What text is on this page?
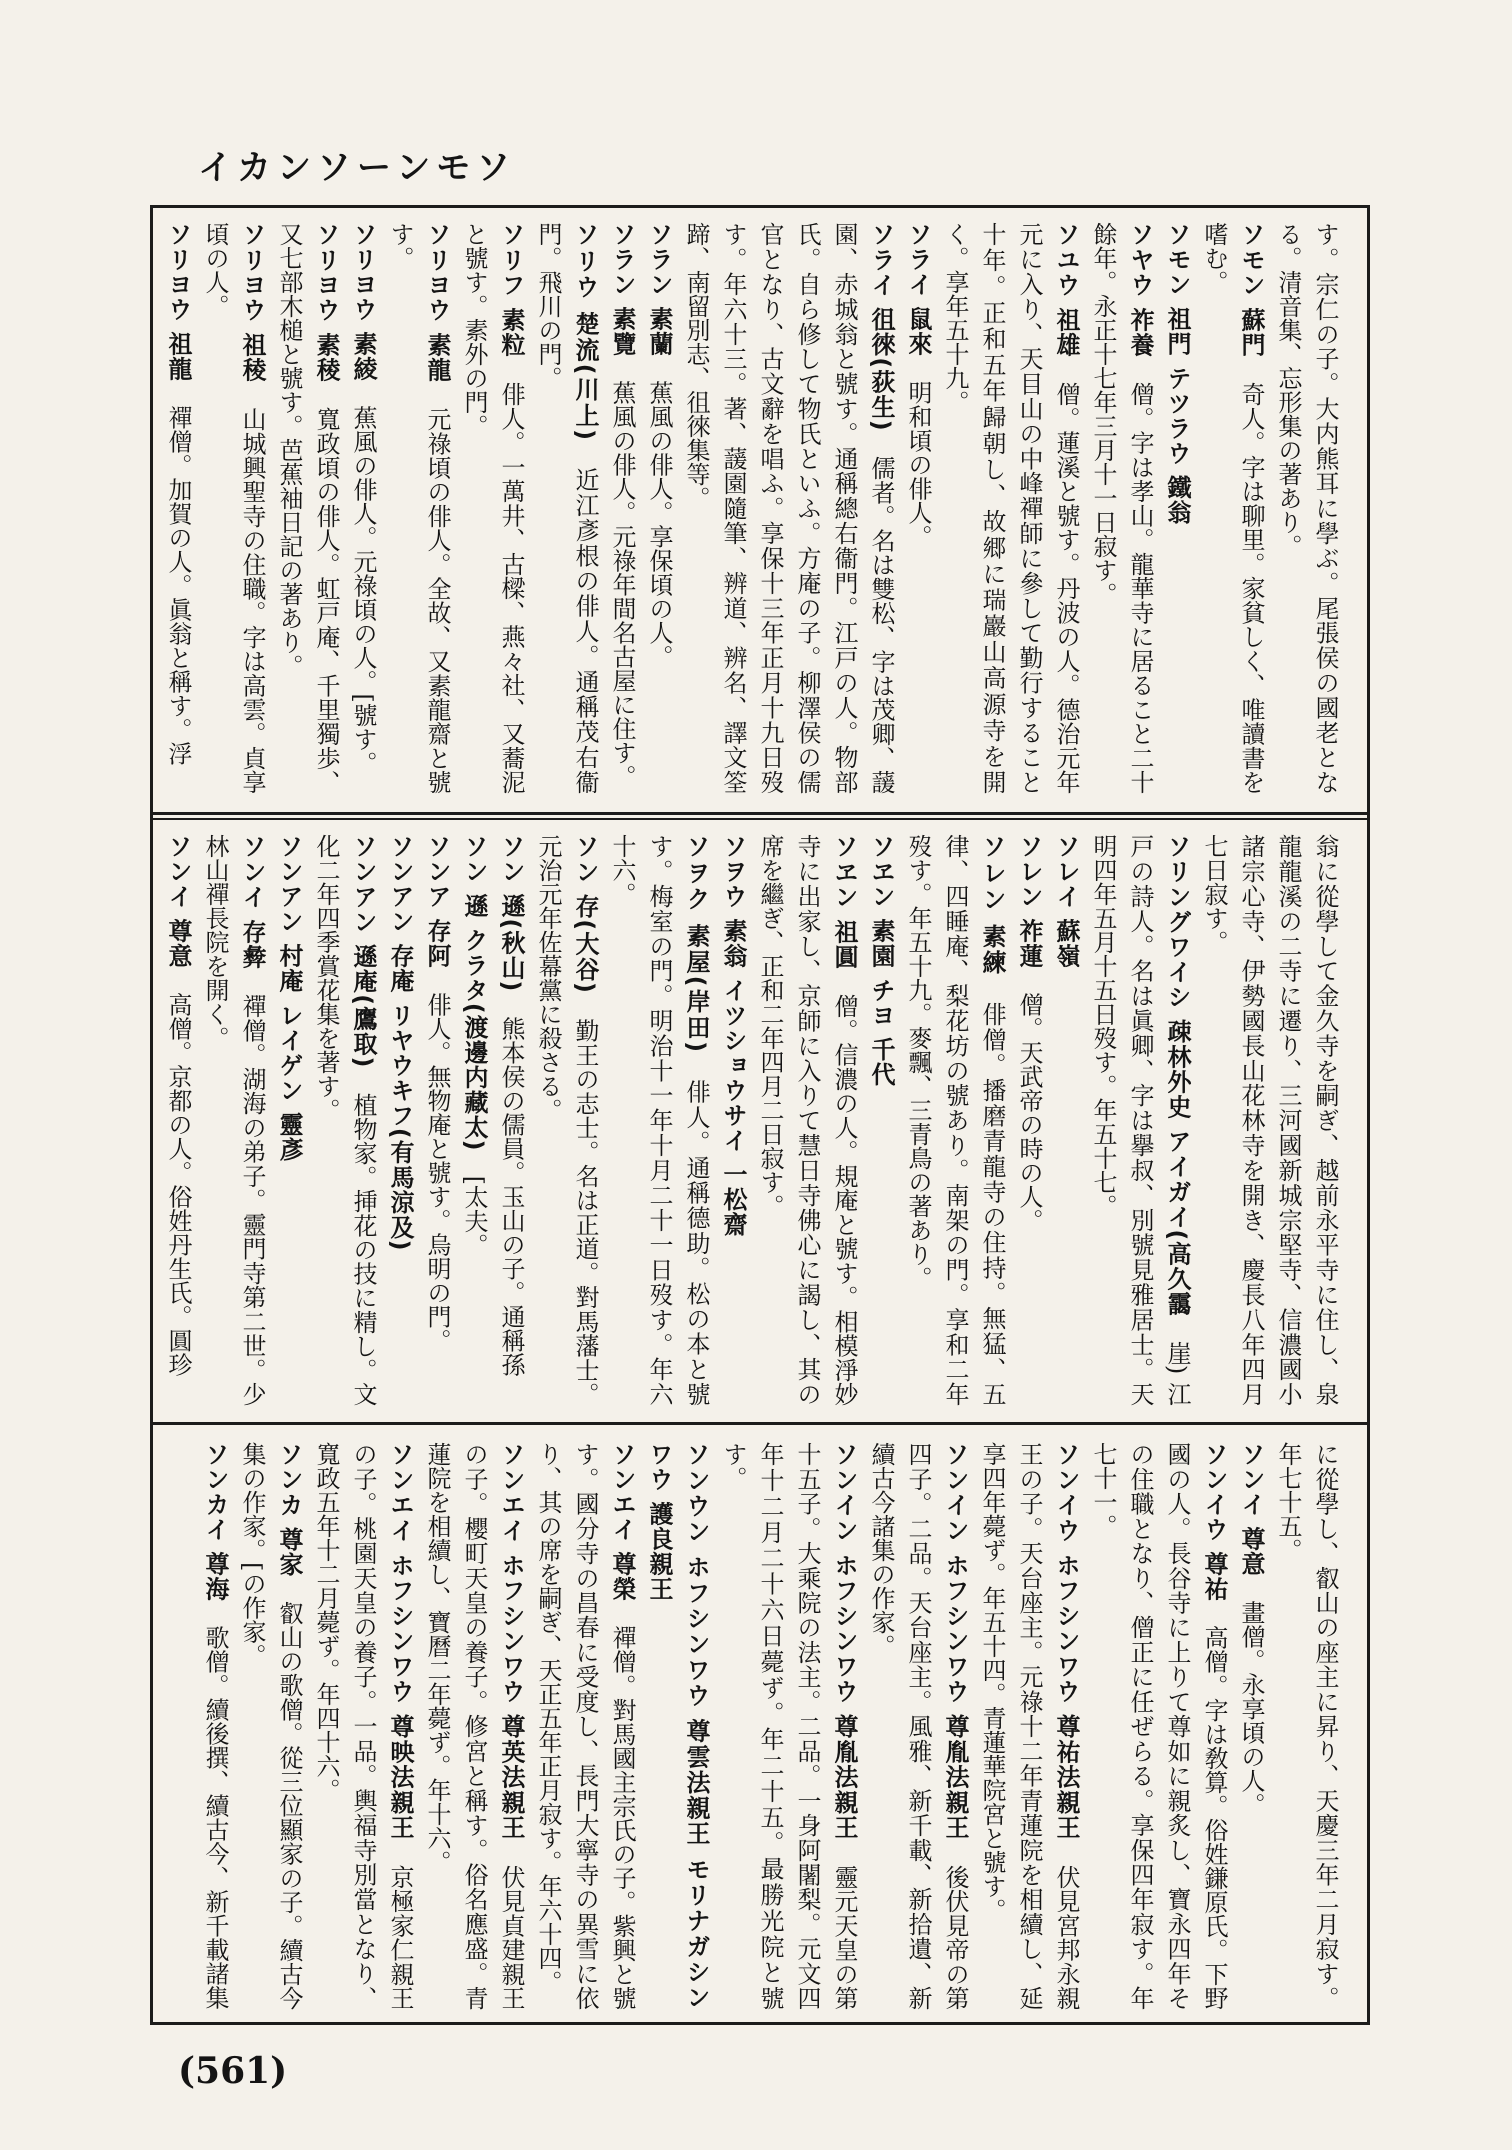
イカンソーンモソ
す。宗仁の子。大内熊耳に學ぶ。尾張侯の國老となる。清音集、忘形集の著あり。
ソモン 蘇門　奇人。字は聊里。家貧しく、唯讀書を嗜む。
ソモン 祖門 テツラウ 鐵翁
ソヤウ 祚養　僧。字は孝山。龍華寺に居ること二十餘年。永正十七年三月十一日寂す。
ソユウ 祖雄　僧。蓮溪と號す。丹波の人。德治元年元に入り、天目山の中峰禪師に參して勤行すること十年。正和五年歸朝し、故郷に瑞巖山高源寺を開く。享年五十九。
ソライ 鼠來　明和頃の俳人。
ソライ 徂徠(荻生)　儒者。名は雙松、字は茂卿、蘐園、赤城翁と號す。通稱總右衞門。江戸の人。物部氏。自ら修して物氏といふ。方庵の子。柳澤侯の儒官となり、古文辭を唱ふ。享保十三年正月十九日歿す。年六十三。著、蘐園隨筆、辨道、辨名、譯文筌蹄、南留別志、徂徠集等。
ソラン 素蘭　蕉風の俳人。享保頃の人。
ソラン 素覽　蕉風の俳人。元祿年間名古屋に住す。
ソリウ 楚流(川上)　近江彥根の俳人。通稱茂右衞門。飛川の門。
ソリフ 素粒　俳人。一萬井、古樑、燕々社、又蕎泥と號す。素外の門。
ソリヨウ 素龍　元祿頃の俳人。全故、又素龍齋と號す。
ソリヨウ 素綾　蕉風の俳人。元祿頃の人。[號す。
ソリヨウ 素稜　寬政頃の俳人。虹戸庵、千里獨歩、又七部木槌と號す。芭蕉袖日記の著あり。
ソリヨウ 祖稜　山城興聖寺の住職。字は高雲。貞享頃の人。
ソリヨウ 祖龍　禪僧。加賀の人。眞翁と稱す。浮
翁に從學して金久寺を嗣ぎ、越前永平寺に住し、泉龍龍溪の二寺に遷り、三河國新城宗堅寺、信濃國小諸宗心寺、伊勢國長山花林寺を開き、慶長八年四月七日寂す。
ソリングワイシ 疎林外史 アイガイ(高久靄　崖) 江戸の詩人。名は眞卿、字は擧叔、別號見雅居士。天明四年五月十五日歿す。年五十七。
ソレイ 蘇嶺
ソレン 祚蓮　僧。天武帝の時の人。
ソレン 素練　俳僧。播磨青龍寺の住持。無猛、五律、四睡庵、梨花坊の號あり。南架の門。享和二年歿す。年五十九。麥飄、三青鳥の著あり。
ソヱン 素園 チヨ 千代
ソヱン 祖圓　僧。信濃の人。規庵と號す。相模淨妙寺に出家し、京師に入りて慧日寺佛心に謁し、其の席を繼ぎ、正和二年四月二日寂す。
ソヲウ 素翁 イツショウサイ 一松齋
ソヲク 素屋(岸田)　俳人。通稱德助。松の本と號す。梅室の門。明治十一年十月二十一日歿す。年六十六。
ソン 存(大谷)　勤王の志士。名は正道。對馬藩士。元治元年佐幕黨に殺さる。
ソン 遜(秋山)　熊本侯の儒員。玉山の子。通稱孫
ソン 遜 クラタ(渡邊内藏太)　[太夫。
ソンア 存阿　俳人。無物庵と號す。烏明の門。
ソンアン 存庵 リヤウキフ(有馬涼及)
ソンアン 遜庵(鷹取)　植物家。挿花の技に精し。文化二年四季賞花集を著す。
ソンアン 村庵 レイゲン 靈彥
ソンイ 存彜　禪僧。湖海の弟子。靈門寺第二世。少林山禪長院を開く。
ソンイ 尊意　高僧。京都の人。俗姓丹生氏。圓珍
に從學し、叡山の座主に昇り、天慶三年二月寂す。年七十五。
ソンイ 尊意　畫僧。永享頃の人。
ソンイウ 尊祐　高僧。字は敎算。俗姓鎌原氏。下野國の人。長谷寺に上りて尊如に親炙し、寶永四年その住職となり、僧正に任ぜらる。享保四年寂す。年七十一。
ソンイウ ホフシンワウ 尊祐法親王　伏見宮邦永親王の子。天台座主。元祿十二年青蓮院を相續し、延享四年薨ず。年五十四。青蓮華院宮と號す。
ソンイン ホフシンワウ 尊胤法親王　後伏見帝の第四子。二品。天台座主。風雅、新千載、新拾遺、新續古今諸集の作家。
ソンイン ホフシンワウ 尊胤法親王　靈元天皇の第十五子。大乘院の法主。二品。一身阿闍梨。元文四年十二月二十六日薨ず。年二十五。最勝光院と號す。
ソンウン ホフシンワウ 尊雲法親王 モリナガシンワウ 護良親王
ソンエイ 尊榮　禪僧。對馬國主宗氏の子。紫興と號す。國分寺の昌春に受度し、長門大寧寺の異雪に依り、其の席を嗣ぎ、天正五年正月寂す。年六十四。
ソンエイ ホフシンワウ 尊英法親王　伏見貞建親王の子。櫻町天皇の養子。修宮と稱す。俗名應盛。青蓮院を相續し、寶曆二年薨ず。年十六。
ソンエイ ホフシンワウ 尊映法親王　京極家仁親王の子。桃園天皇の養子。一品。輿福寺別當となり、寬政五年十二月薨ず。年四十六。
ソンカ 尊家　叡山の歌僧。從三位顯家の子。續古今集の作家。[の作家。
ソンカイ 尊海　歌僧。續後撰、續古今、新千載諸集
(561)
